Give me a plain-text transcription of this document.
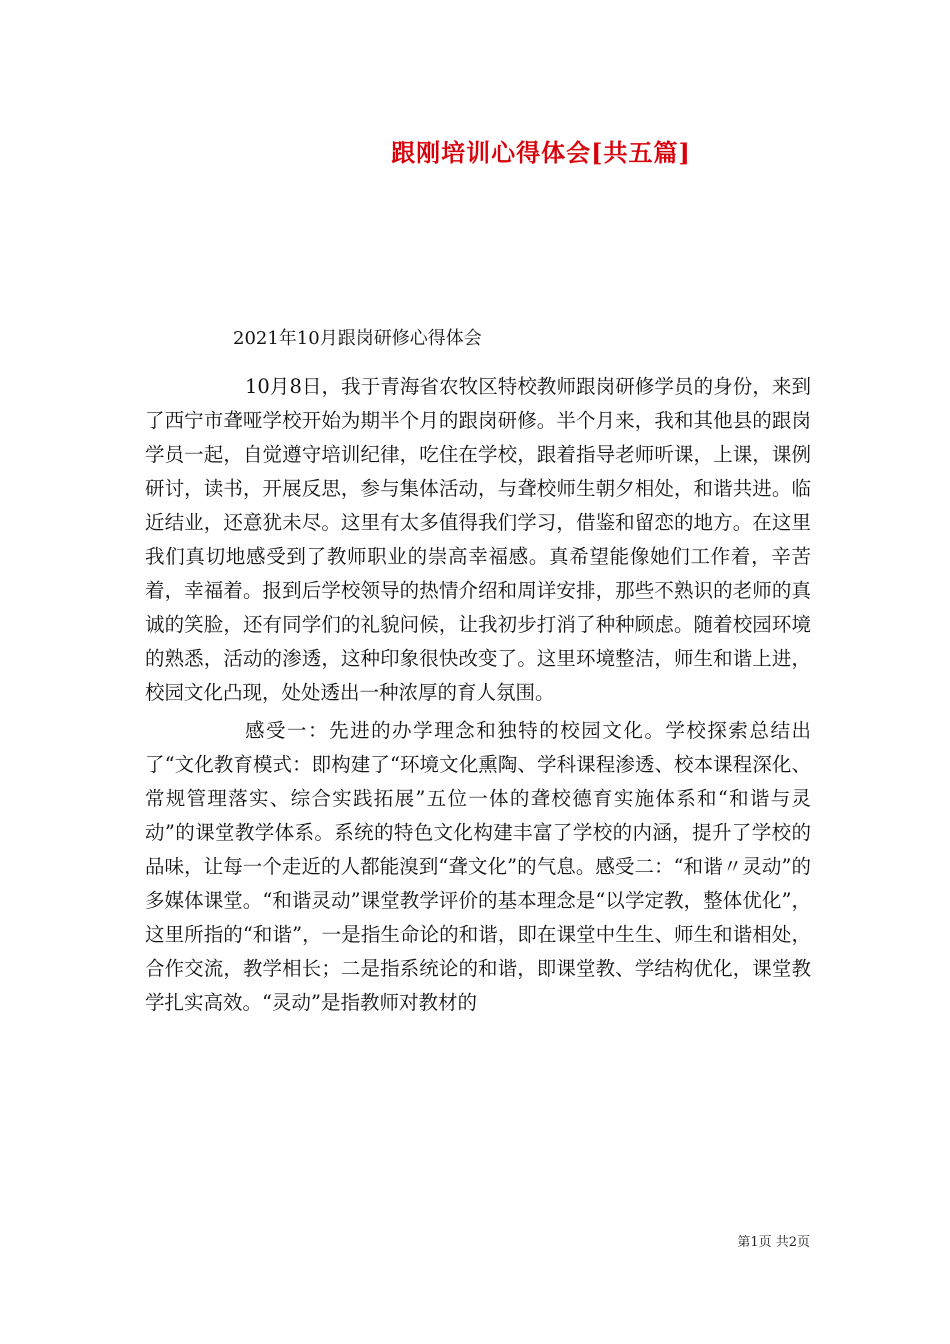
跟刚培训心得体会[共五篇]
2021年10月跟岗研修心得体会

10月8日，我于青海省农牧区特校教师跟岗研修学员的身份，来到了西宁市聋哑学校开始为期半个月的跟岗研修。半个月来，我和其他县的跟岗学员一起，自觉遵守培训纪律，吃住在学校，跟着指导老师听课，上课，课例研讨，读书，开展反思，参与集体活动，与聋校师生朝夕相处，和谐共进。临近结业，还意犹未尽。这里有太多值得我们学习，借鉴和留恋的地方。在这里我们真切地感受到了教师职业的崇高幸福感。真希望能像她们工作着，辛苦着，幸福着。报到后学校领导的热情介绍和周详安排，那些不熟识的老师的真诚的笑脸，还有同学们的礼貌问候，让我初步打消了种种顾虑。随着校园环境的熟悉，活动的渗透，这种印象很快改变了。这里环境整洁，师生和谐上进，校园文化凸现，处处透出一种浓厚的育人氛围。

感受一：先进的办学理念和独特的校园文化。学校探索总结出了“文化教育模式：即构建了“环境文化熏陶、学科课程渗透、校本课程深化、常规管理落实、综合实践拓展”五位一体的聋校德育实施体系和“和谐与灵动”的课堂教学体系。系统的特色文化构建丰富了学校的内涵，提升了学校的品味，让每一个走近的人都能溴到“聋文化”的气息。感受二：“和谐〃灵动”的多媒体课堂。“和谐灵动”课堂教学评价的基本理念是“以学定教，整体优化”，这里所指的“和谐”，一是指生命论的和谐，即在课堂中生生、师生和谐相处，合作交流，教学相长；二是指系统论的和谐，即课堂教、学结构优化，课堂教学扎实高效。“灵动”是指教师对教材的

第1页 共2页
